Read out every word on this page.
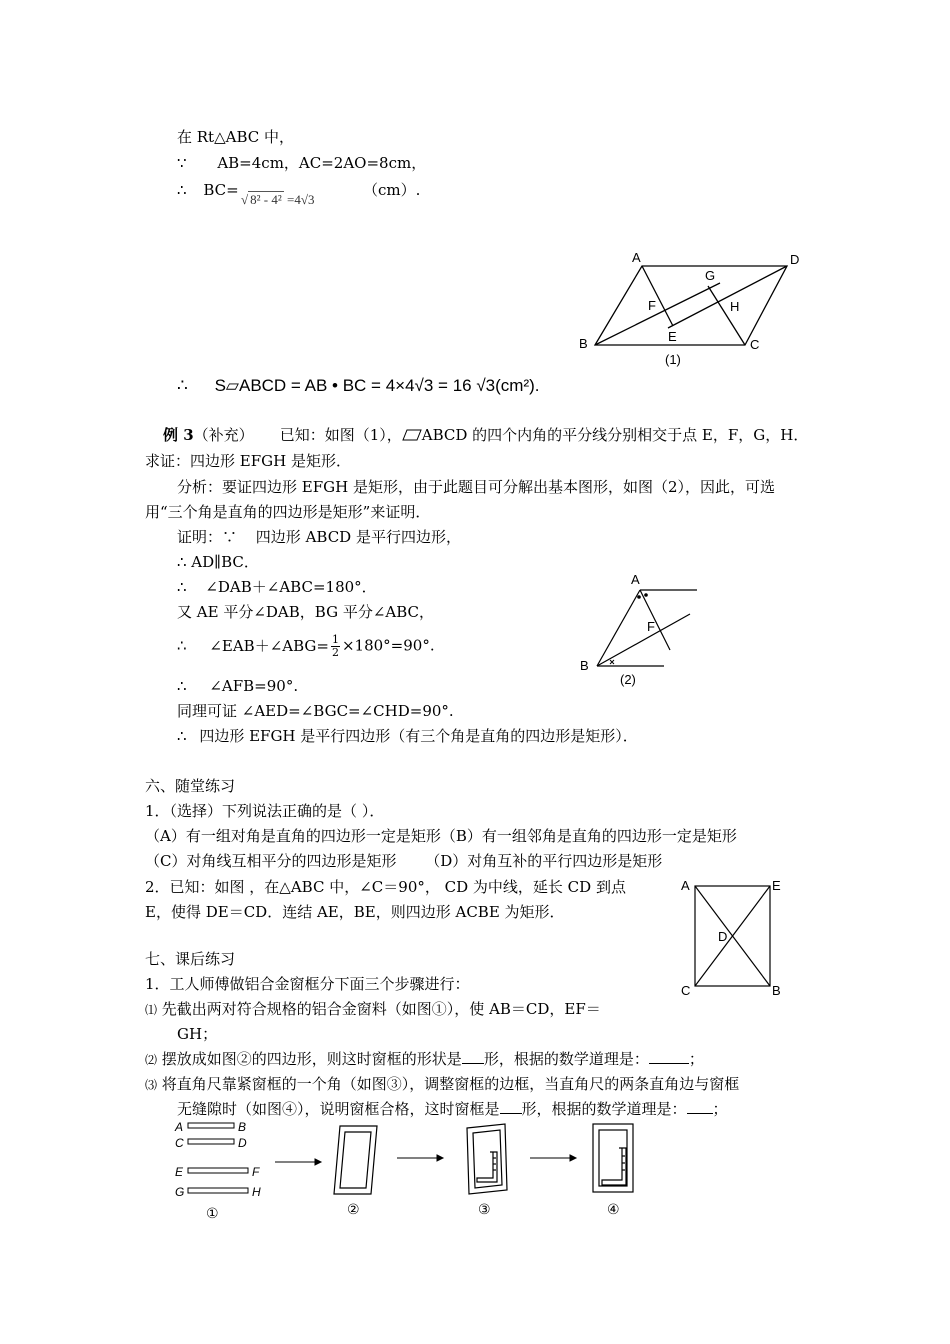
在 Rt△ABC 中，
∵ AB=4cm，AC=2AO=8cm，
∴ BC=
√ 8² - 4² =4√3
（cm）.
A	D
G
F	H
B	E
C
(1)
∴ S▱ABCD = AB • BC = 4×4√3 = 16 √3(cm²).
例 3（补充） 已知：如图（1）， ABCD 的四个内角的平分线分别相交于点 E，F，G，H．
求证：四边形 EFGH 是矩形．
分析：要证四边形 EFGH 是矩形，由于此题目可分解出基本图形，如图（2），因此，可选
用“三个角是直角的四边形是矩形”来证明．
证明：∵ 四边形 ABCD 是平行四边形，
∴ AD∥BC．
∴ ∠DAB＋∠ABC=180°．
又 AE 平分∠DAB，BG 平分∠ABC，
∴ ∠EAB＋∠ABG= $\frac{1}{2} \times 180^\circ=90^\circ$.
∴ ∠AFB=90°.
同理可证 ∠AED=∠BGC=∠CHD=90°.
∴ 四边形 EFGH 是平行四边形（有三个角是直角的四边形是矩形）．
A
F
B
(2)
六、随堂练习
1．（选择）下列说法正确的是（ ）．
（A）有一组对角是直角的四边形一定是矩形（B）有一组邻角是直角的四边形一定是矩形
（C）对角线互相平分的四边形是矩形 （D）对角互补的平行四边形是矩形
2．已知：如图 ，在△ABC 中，∠C＝90°， CD 为中线，延长 CD 到点
E，使得 DE＝CD．连结 AE，BE，则四边形 ACBE 为矩形．
A	E
D
C	B
七、课后练习
1．工人师傅做铝合金窗框分下面三个步骤进行：
⑴ 先截出两对符合规格的铝合金窗料（如图①），使 AB＝CD，EF＝
GH；
⑵ 摆放成如图②的四边形，则这时窗框的形状是 形，根据的数学道理是：	；
⑶ 将直角尺靠紧窗框的一个角（如图③），调整窗框的边框，当直角尺的两条直角边与窗框
无缝隙时（如图④），说明窗框合格，这时窗框是 形，根据的数学道理是： ；
A	B
C	D
E	F
G	H
①	②	③	④
